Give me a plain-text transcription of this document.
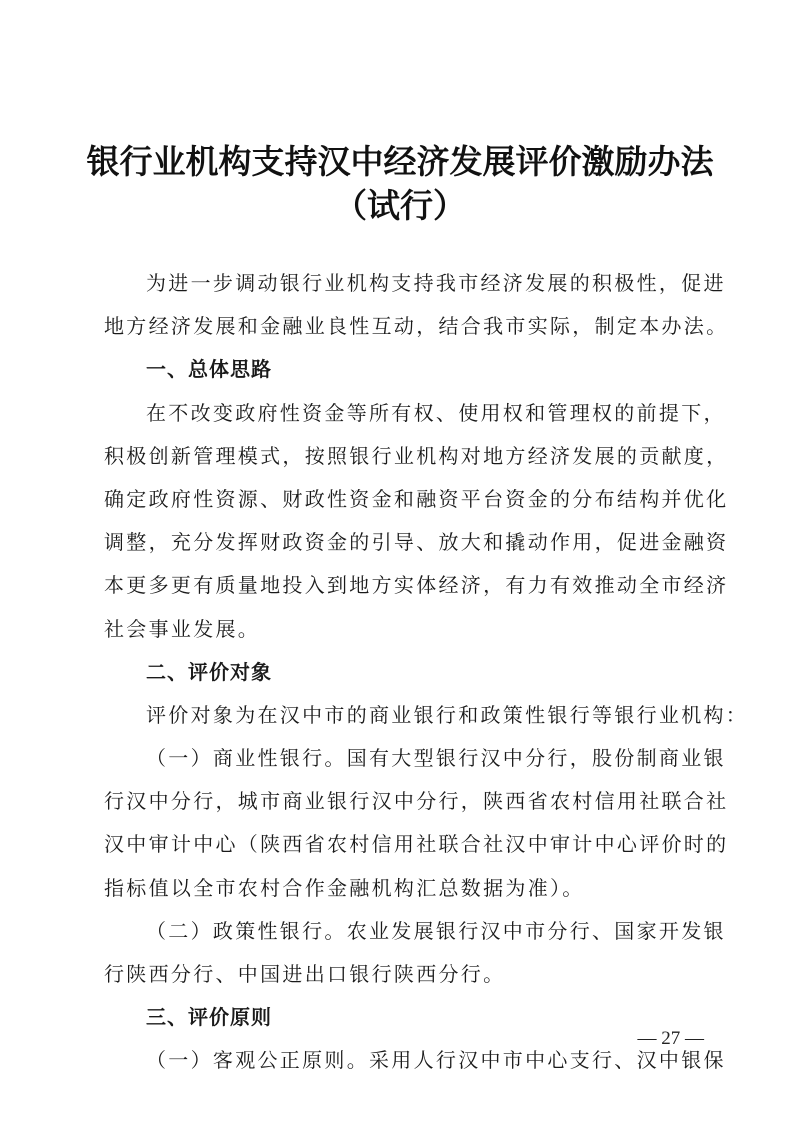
银行业机构支持汉中经济发展评价激励办法
（试行）
为进一步调动银行业机构支持我市经济发展的积极性，促进
地方经济发展和金融业良性互动，结合我市实际，制定本办法。
一、总体思路
在不改变政府性资金等所有权、使用权和管理权的前提下，
积极创新管理模式，按照银行业机构对地方经济发展的贡献度，
确定政府性资源、财政性资金和融资平台资金的分布结构并优化
调整，充分发挥财政资金的引导、放大和撬动作用，促进金融资
本更多更有质量地投入到地方实体经济，有力有效推动全市经济
社会事业发展。
二、评价对象
评价对象为在汉中市的商业银行和政策性银行等银行业机构：
（一）商业性银行。国有大型银行汉中分行，股份制商业银
行汉中分行，城市商业银行汉中分行，陕西省农村信用社联合社
汉中审计中心（陕西省农村信用社联合社汉中审计中心评价时的
指标值以全市农村合作金融机构汇总数据为准）。
（二）政策性银行。农业发展银行汉中市分行、国家开发银
行陕西分行、中国进出口银行陕西分行。
三、评价原则
（一）客观公正原则。采用人行汉中市中心支行、汉中银保
— 27 —
